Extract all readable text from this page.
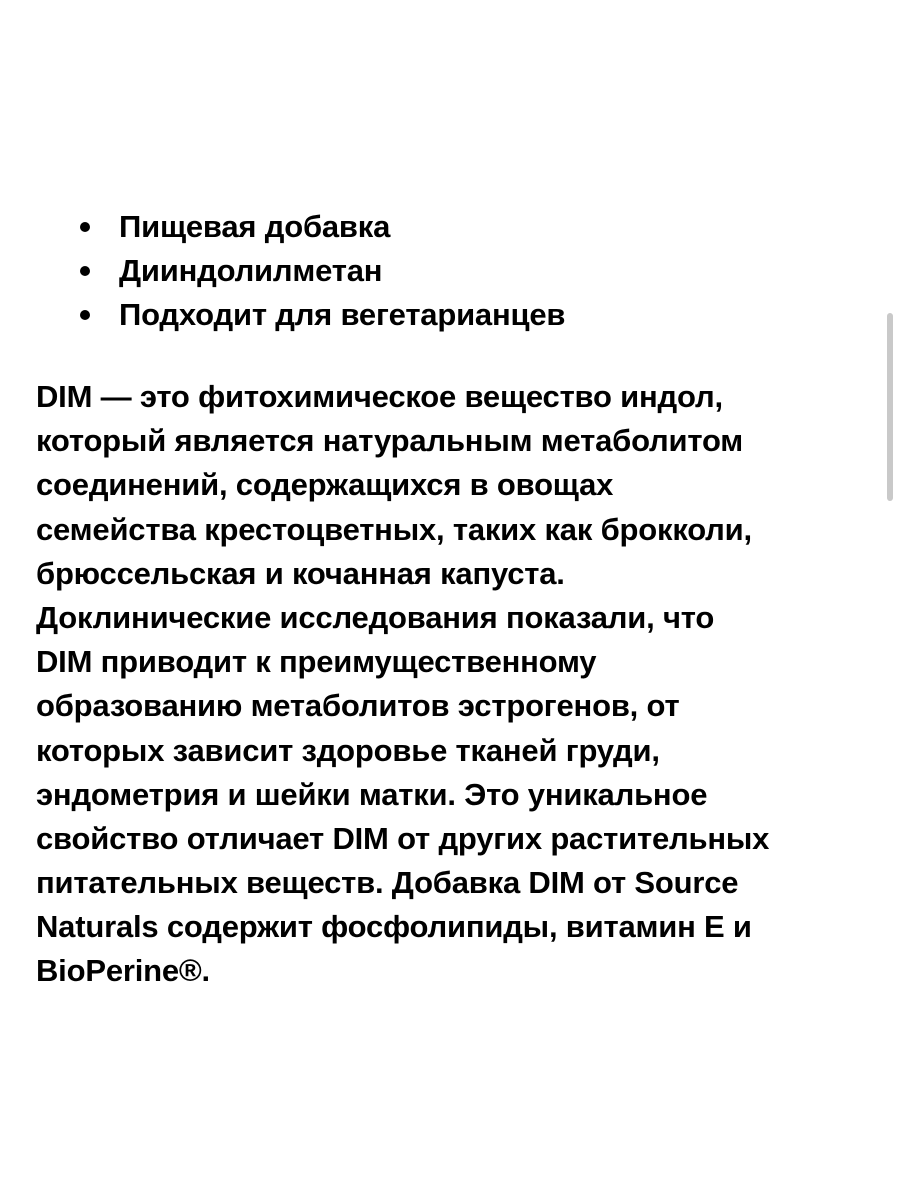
Пищевая добавка
Дииндолилметан
Подходит для вегетарианцев

DIM — это фитохимическое вещество индол,
который является натуральным метаболитом
соединений, содержащихся в овощах
семейства крестоцветных, таких как брокколи,
брюссельская и кочанная капуста.
Доклинические исследования показали, что
DIM приводит к преимущественному
образованию метаболитов эстрогенов, от
которых зависит здоровье тканей груди,
эндометрия и шейки матки. Это уникальное
свойство отличает DIM от других растительных
питательных веществ. Добавка DIM от Source
Naturals содержит фосфолипиды, витамин E и
BioPerine®.
